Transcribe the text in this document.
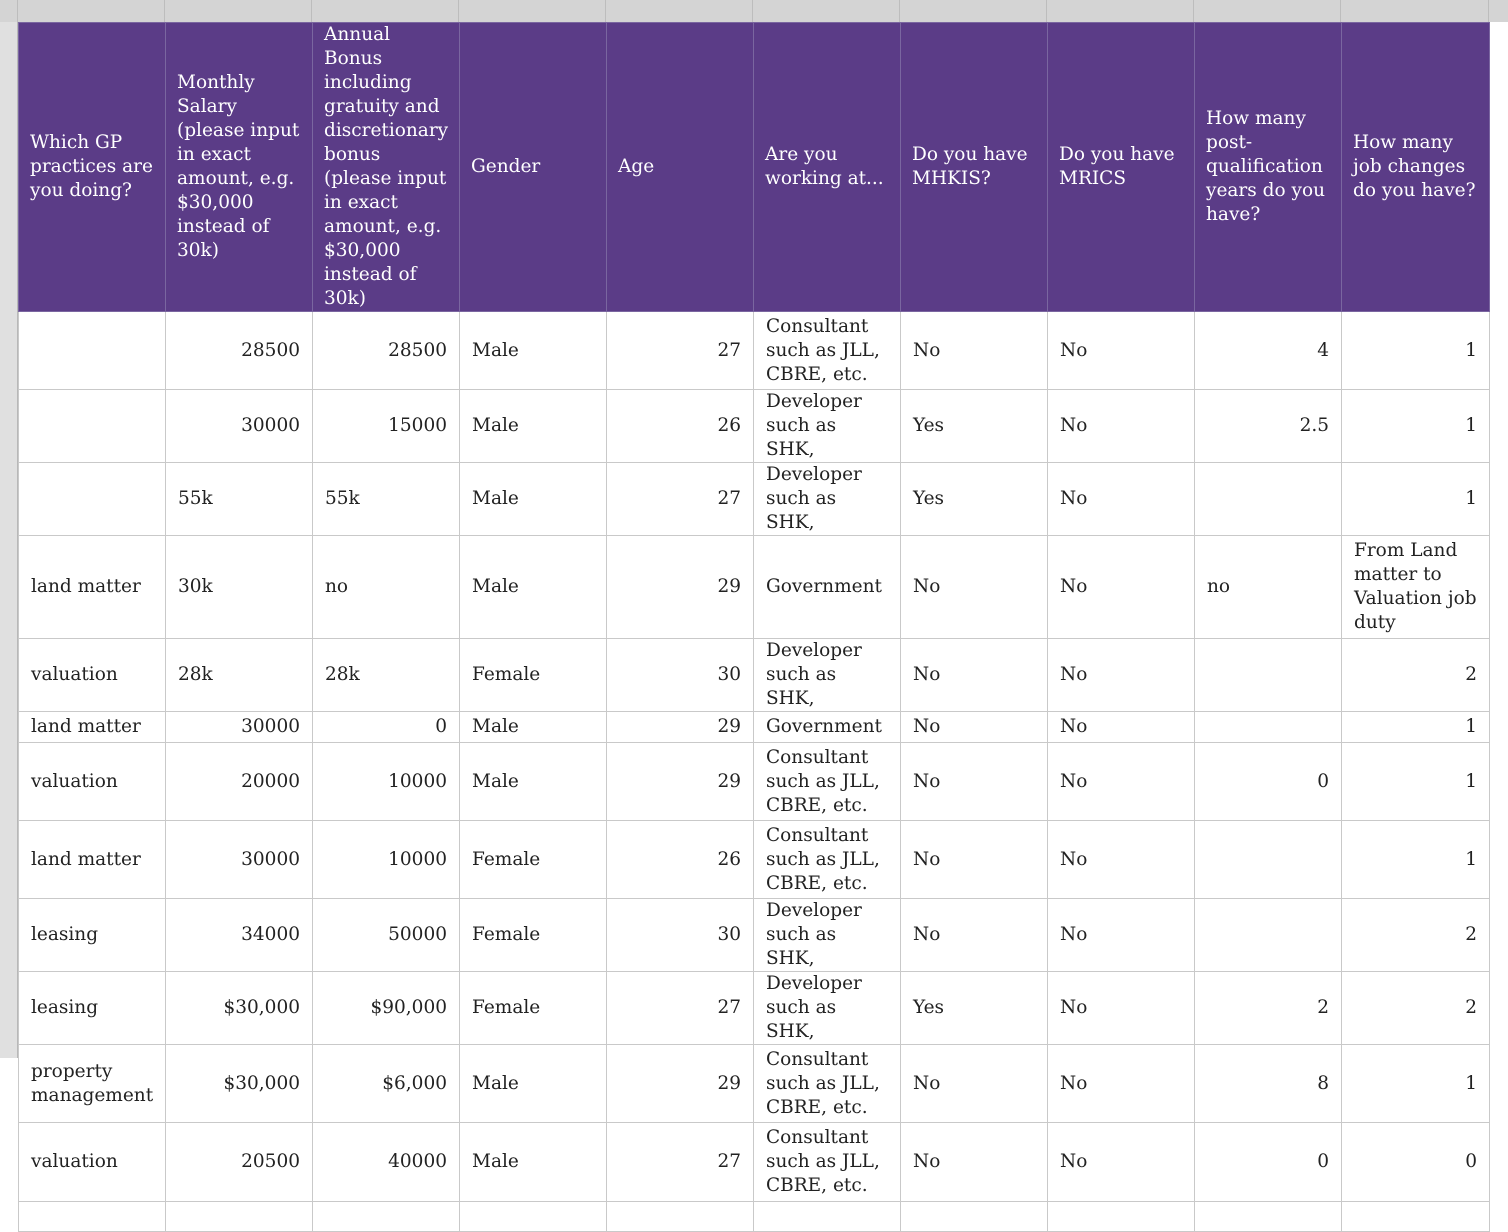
Which GP practices are you doing?	Monthly Salary (please input in exact amount, e.g. $30,000 instead of 30k)	Annual Bonus including gratuity and discretionary bonus (please input in exact amount, e.g. $30,000 instead of 30k)	Gender	Age	Are you working at...	Do you have MHKIS?	Do you have MRICS	How many post-qualification years do you have?	How many job changes do you have?
	28500	28500	Male	27	Consultant such as JLL, CBRE, etc.	No	No	4	1
	30000	15000	Male	26	Developer such as SHK,	Yes	No	2.5	1
	55k	55k	Male	27	Developer such as SHK,	Yes	No		1
land matter	30k	no	Male	29	Government	No	No	no	From Land matter to Valuation job duty
valuation	28k	28k	Female	30	Developer such as SHK,	No	No		2
land matter	30000	0	Male	29	Government	No	No		1
valuation	20000	10000	Male	29	Consultant such as JLL, CBRE, etc.	No	No	0	1
land matter	30000	10000	Female	26	Consultant such as JLL, CBRE, etc.	No	No		1
leasing	34000	50000	Female	30	Developer such as SHK,	No	No		2
leasing	$30,000	$90,000	Female	27	Developer such as SHK,	Yes	No	2	2
property management	$30,000	$6,000	Male	29	Consultant such as JLL, CBRE, etc.	No	No	8	1
valuation	20500	40000	Male	27	Consultant such as JLL, CBRE, etc.	No	No	0	0
